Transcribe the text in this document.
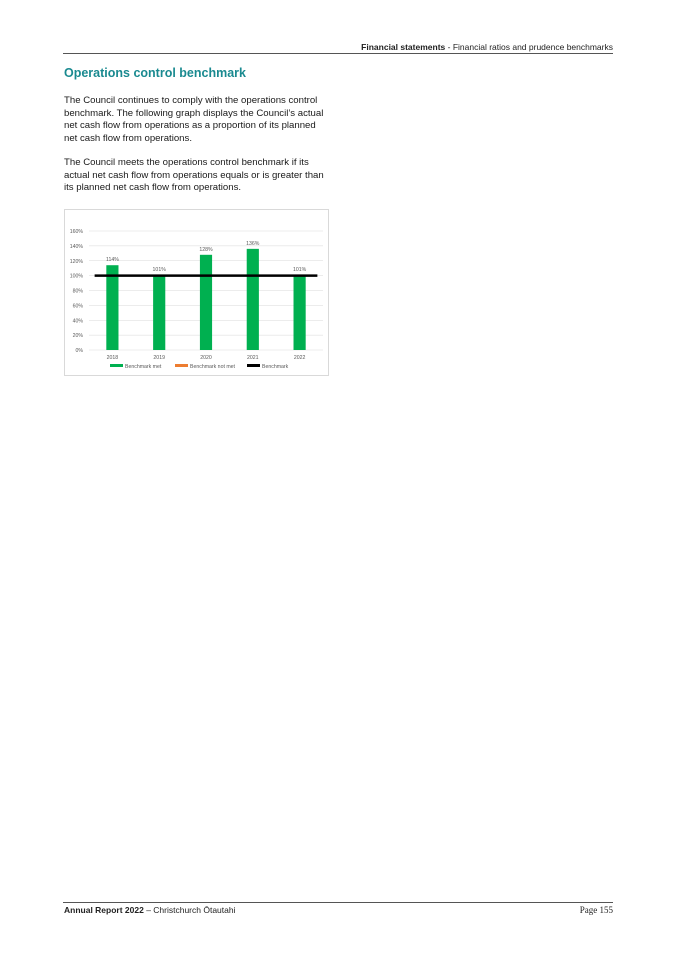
Financial statements - Financial ratios and prudence benchmarks
Operations control benchmark

The Council continues to comply with the operations control benchmark. The following graph displays the Council’s actual net cash flow from operations as a proportion of its planned net cash flow from operations.

The Council meets the operations control benchmark if its actual net cash flow from operations equals or is greater than its planned net cash flow from operations.

0%
20%
40%
60%
80%
100%
120%
140%
160%
114%
2018
101%
2019
128%
2020
136%
2021
101%
2022
Benchmark met	Benchmark not met	Benchmark
Annual Report 2022 – Christchurch Ōtautahi	Page 155
